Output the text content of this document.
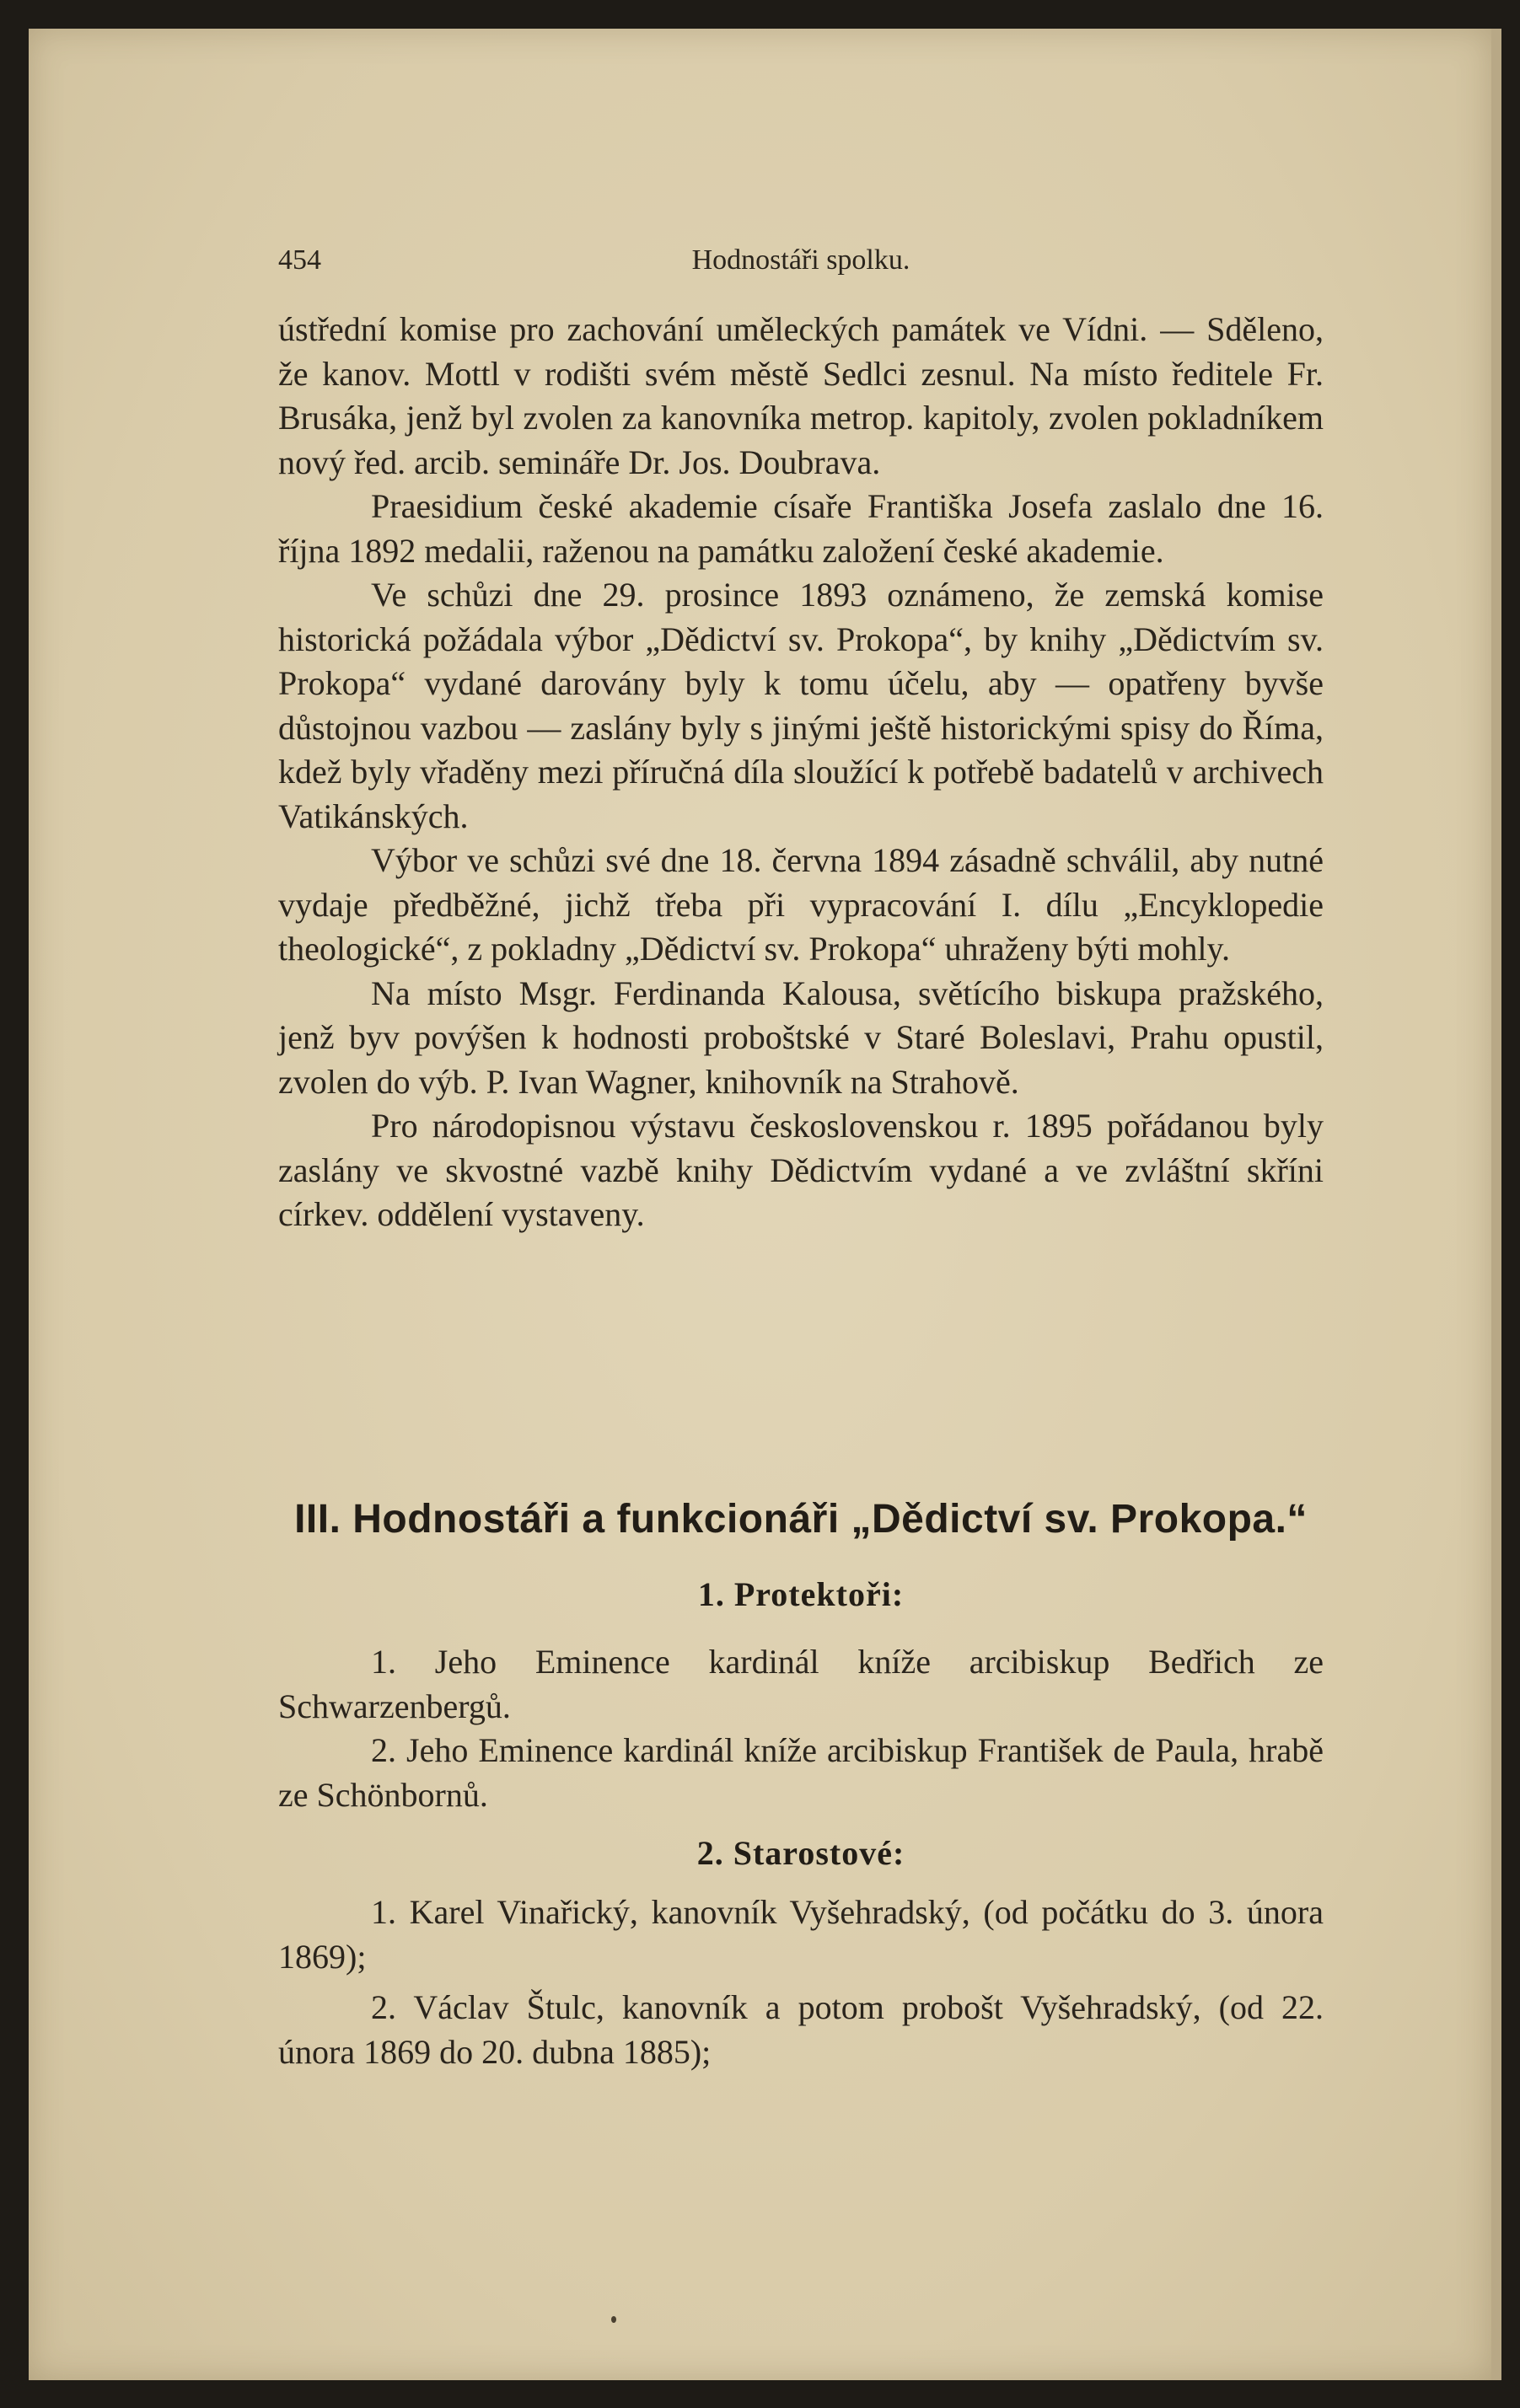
454	Hodnostáři spolku.

ústřední komise pro zachování uměleckých památek ve Vídni. — Sděleno, že kanov. Mottl v rodišti svém městě Sedlci zesnul. Na místo ředitele Fr. Brusáka, jenž byl zvolen za kanovníka metrop. kapitoly, zvolen pokladníkem nový řed. arcib. semináře Dr. Jos. Doubrava.

Praesidium české akademie císaře Františka Josefa zaslalo dne 16. října 1892 medalii, raženou na památku založení české akademie.

Ve schůzi dne 29. prosince 1893 oznámeno, že zemská komise historická požádala výbor „Dědictví sv. Prokopa“, by knihy „Dědictvím sv. Prokopa“ vydané darovány byly k tomu účelu, aby — opatřeny byvše důstojnou vazbou — zaslány byly s jinými ještě historickými spisy do Říma, kdež byly vřaděny mezi příručná díla sloužící k potřebě badatelů v archivech Vatikánských.

Výbor ve schůzi své dne 18. června 1894 zásadně schválil, aby nutné vydaje předběžné, jichž třeba při vypracování I. dílu „Encyklopedie theologické“, z pokladny „Dědictví sv. Prokopa“ uhraženy býti mohly.

Na místo Msgr. Ferdinanda Kalousa, světícího biskupa pražského, jenž byv povýšen k hodnosti proboštské v Staré Boleslavi, Prahu opustil, zvolen do výb. P. Ivan Wagner, knihovník na Strahově.

Pro národopisnou výstavu československou r. 1895 pořádanou byly zaslány ve skvostné vazbě knihy Dědictvím vydané a ve zvláštní skříni církev. oddělení vystaveny.

III. Hodnostáři a funkcionáři „Dědictví sv. Prokopa.“
1. Protektoři:

1. Jeho Eminence kardinál kníže arcibiskup Bedřich ze Schwarzenbergů.

2. Jeho Eminence kardinál kníže arcibiskup František de Paula, hrabě ze Schönbornů.

2. Starostové:

1. Karel Vinařický, kanovník Vyšehradský, (od počátku do 3. února 1869);

2. Václav Štulc, kanovník a potom probošt Vyšehradský, (od 22. února 1869 do 20. dubna 1885);
